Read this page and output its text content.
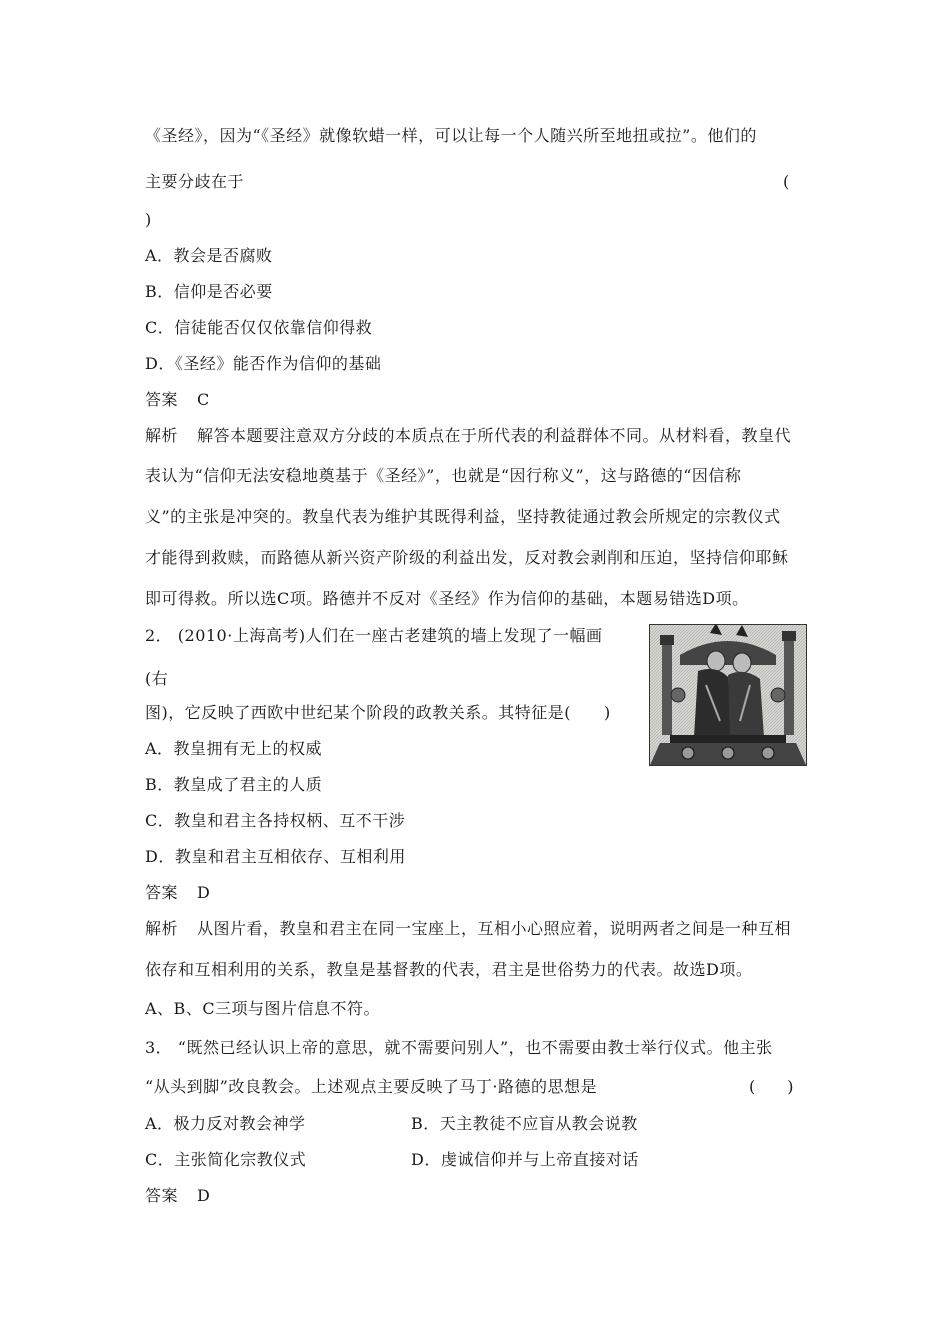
《圣经》，因为“《圣经》就像软蜡一样，可以让每一个人随兴所至地扭或拉”。他们的
主要分歧在于	(
)
A．教会是否腐败
B．信仰是否必要
C．信徒能否仅仅依靠信仰得救
D．《圣经》能否作为信仰的基础
答案 C
解析 解答本题要注意双方分歧的本质点在于所代表的利益群体不同。从材料看，教皇代
表认为“信仰无法安稳地奠基于《圣经》”，也就是“因行称义”，这与路德的“因信称
义”的主张是冲突的。教皇代表为维护其既得利益，坚持教徒通过教会所规定的宗教仪式
才能得到救赎，而路德从新兴资产阶级的利益出发，反对教会剥削和压迫，坚持信仰耶稣
即可得救。所以选C项。路德并不反对《圣经》作为信仰的基础，本题易错选D项。
2． (2010·上海高考)人们在一座古老建筑的墙上发现了一幅画
(右
图)，它反映了西欧中世纪某个阶段的政教关系。其特征是(　　)
A．教皇拥有无上的权威
B．教皇成了君主的人质
C．教皇和君主各持权柄、互不干涉
D．教皇和君主互相依存、互相利用
答案 D
解析 从图片看，教皇和君主在同一宝座上，互相小心照应着，说明两者之间是一种互相
依存和互相利用的关系，教皇是基督教的代表，君主是世俗势力的代表。故选D项。
A、B、C三项与图片信息不符。
3． “既然已经认识上帝的意思，就不需要问别人”，也不需要由教士举行仪式。他主张
“从头到脚”改良教会。上述观点主要反映了马丁·路德的思想是	(　　)
A．极力反对教会神学	B．天主教徒不应盲从教会说教
C．主张简化宗教仪式	D．虔诚信仰并与上帝直接对话
答案 D
